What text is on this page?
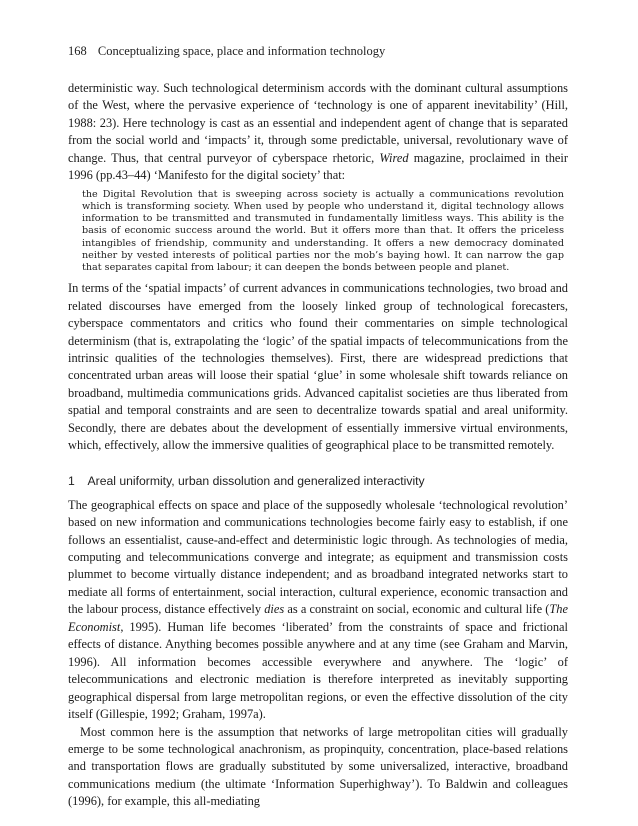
168 Conceptualizing space, place and information technology

deterministic way. Such technological determinism accords with the dominant cultural assumptions of the West, where the pervasive experience of ‘technology is one of apparent inevitability’ (Hill, 1988: 23). Here technology is cast as an essential and independent agent of change that is separated from the social world and ‘impacts’ it, through some predictable, universal, revolutionary wave of change. Thus, that central purveyor of cyberspace rhetoric, Wired magazine, proclaimed in their 1996 (pp.43–44) ‘Manifesto for the digital society’ that:

the Digital Revolution that is sweeping across society is actually a communications revolution which is transforming society. When used by people who understand it, digital technology allows information to be transmitted and transmuted in fundamentally limitless ways. This ability is the basis of economic success around the world. But it offers more than that. It offers the priceless intangibles of friendship, community and understanding. It offers a new democracy dominated neither by vested interests of political parties nor the mob’s baying howl. It can narrow the gap that separates capital from labour; it can deepen the bonds between people and planet.

In terms of the ‘spatial impacts’ of current advances in communications technologies, two broad and related discourses have emerged from the loosely linked group of technological forecasters, cyberspace commentators and critics who found their commentaries on simple technological determinism (that is, extrapolating the ‘logic’ of the spatial impacts of telecommunications from the intrinsic qualities of the technologies themselves). First, there are widespread predictions that concentrated urban areas will loose their spatial ‘glue’ in some wholesale shift towards reliance on broadband, multimedia communications grids. Advanced capitalist societies are thus liberated from spatial and temporal constraints and are seen to decentralize towards spatial and areal uniformity. Secondly, there are debates about the development of essentially immersive virtual environments, which, effectively, allow the immersive qualities of geographical place to be transmitted remotely.

1 Areal uniformity, urban dissolution and generalized interactivity

The geographical effects on space and place of the supposedly wholesale ‘technological revolution’ based on new information and communications technologies become fairly easy to establish, if one follows an essentialist, cause-and-effect and deterministic logic through. As technologies of media, computing and telecommunications converge and integrate; as equipment and transmission costs plummet to become virtually distance independent; and as broadband integrated networks start to mediate all forms of entertainment, social interaction, cultural experience, economic transaction and the labour process, distance effectively dies as a constraint on social, economic and cultural life (The Economist, 1995). Human life becomes ‘liberated’ from the constraints of space and frictional effects of distance. Anything becomes possible anywhere and at any time (see Graham and Marvin, 1996). All information becomes accessible everywhere and anywhere. The ‘logic’ of telecommunications and electronic mediation is therefore interpreted as inevitably supporting geographical dispersal from large metropolitan regions, or even the effective dissolution of the city itself (Gillespie, 1992; Graham, 1997a).

Most common here is the assumption that networks of large metropolitan cities will gradually emerge to be some technological anachronism, as propinquity, concentration, place-based relations and transportation flows are gradually substituted by some universalized, interactive, broadband communications medium (the ultimate ‘Information Superhighway’). To Baldwin and colleagues (1996), for example, this all-mediating
